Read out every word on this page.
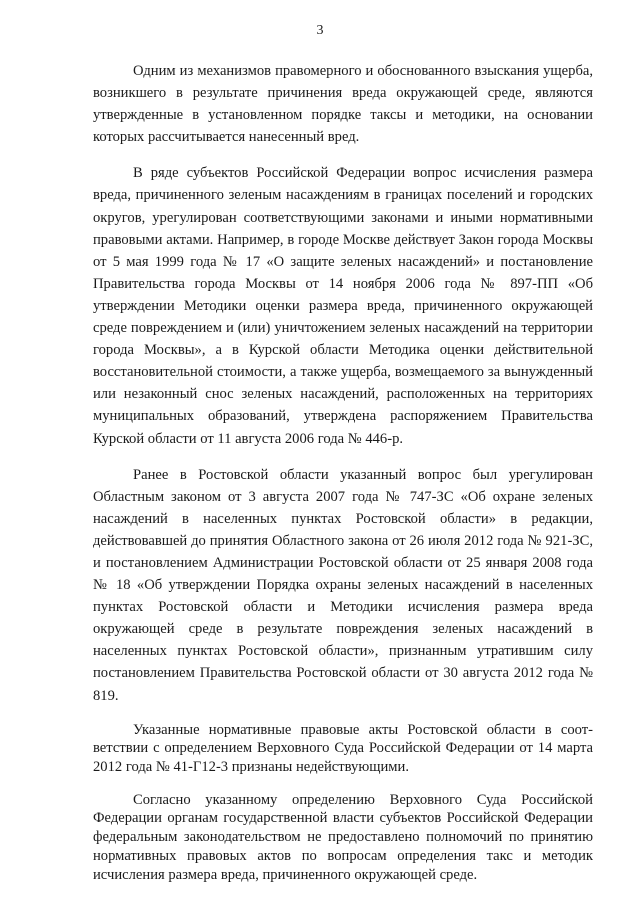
3

Одним из механизмов правомерного и обоснованного взыскания ущерба, возникшего в результате причинения вреда окружающей среде, являются утвержденные в установленном порядке таксы и методики, на основании которых рассчитывается нанесенный вред.

В ряде субъектов Российской Федерации вопрос исчисления размера вреда, причиненного зеленым насаждениям в границах поселений и городских округов, урегулирован соответствующими законами и иными нормативными правовыми актами. Например, в городе Москве действует Закон города Москвы от 5 мая 1999 года № 17 «О защите зеленых насаждений» и постановление Правительства города Москвы от 14 ноября 2006 года № 897-ПП «Об утверждении Методики оценки размера вреда, причиненного окружающей среде повреждением и (или) уничтожением зеленых насаждений на территории города Москвы», а в Курской области Методика оценки действительной восстановительной стоимости, а также ущерба, возмещаемого за вынужденный или незаконный снос зеленых насаждений, расположенных на территориях муниципальных образований, утверждена распоряжением Правительства Курской области от 11 августа 2006 года № 446-р.

Ранее в Ростовской области указанный вопрос был урегулирован Областным законом от 3 августа 2007 года № 747-ЗС «Об охране зеленых насаждений в населенных пунктах Ростовской области» в редакции, действовавшей до принятия Областного закона от 26 июля 2012 года № 921-ЗС, и постановлением Администрации Ростовской области от 25 января 2008 года № 18 «Об утверждении Порядка охраны зеленых насаждений в населенных пунктах Ростовской области и Методики исчисления размера вреда окружающей среде в результате повреждения зеленых насаждений в населенных пунктах Ростовской области», признанным утратившим силу постановлением Правительства Ростовской области от 30 августа 2012 года № 819.

Указанные нормативные правовые акты Ростовской области в соответствии с определением Верховного Суда Российской Федерации от 14 марта 2012 года № 41-Г12-3 признаны недействующими.

Согласно указанному определению Верховного Суда Российской Федерации органам государственной власти субъектов Российской Федерации федеральным законодательством не предоставлено полномочий по принятию нормативных правовых актов по вопросам определения такс и методик исчисления размера вреда, причиненного окружающей среде.
